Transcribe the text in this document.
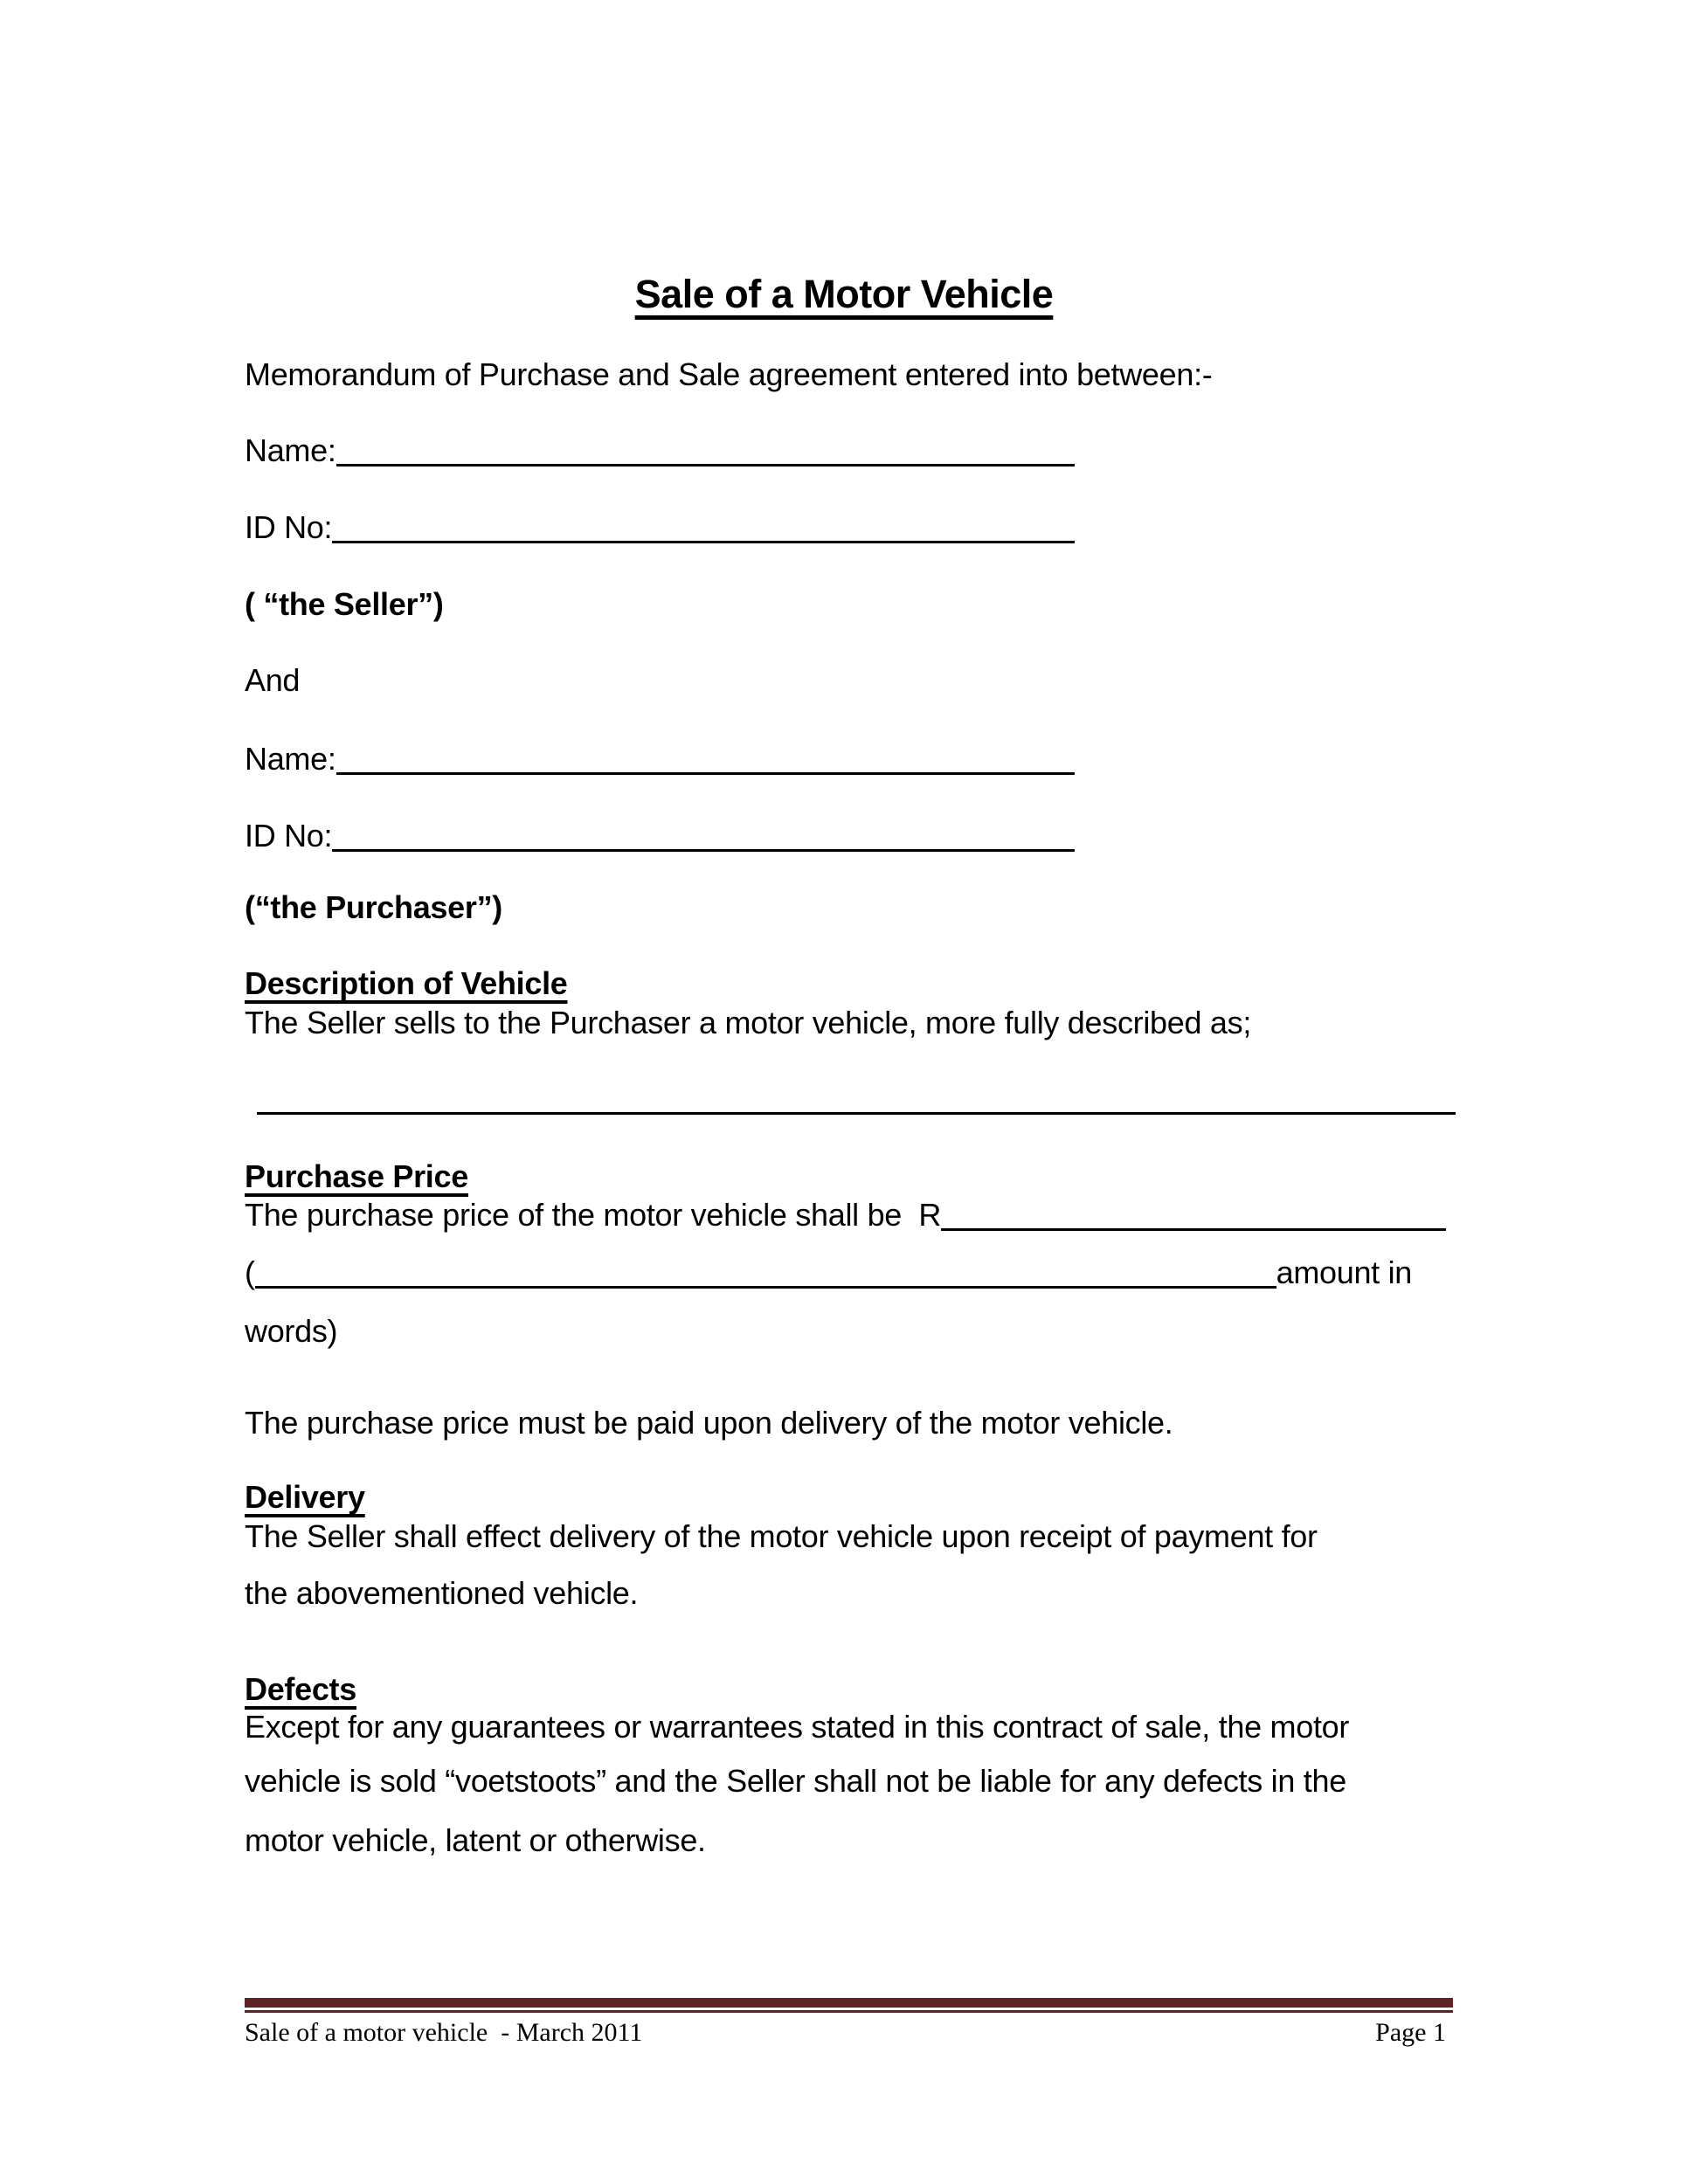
Sale of a Motor Vehicle
Memorandum of Purchase and Sale agreement entered into between:-
Name:
ID No:
( “the Seller”)
And
Name:
ID No:
(“the Purchaser”)
Description of Vehicle
The Seller sells to the Purchaser a motor vehicle, more fully described as;
Purchase Price
The purchase price of the motor vehicle shall be  R
(	amount in
words)
The purchase price must be paid upon delivery of the motor vehicle.
Delivery
The Seller shall effect delivery of the motor vehicle upon receipt of payment for
the abovementioned vehicle.
Defects
Except for any guarantees or warrantees stated in this contract of sale, the motor
vehicle is sold “voetstoots” and the Seller shall not be liable for any defects in the
motor vehicle, latent or otherwise.
Sale of a motor vehicle  - March 2011	Page 1
